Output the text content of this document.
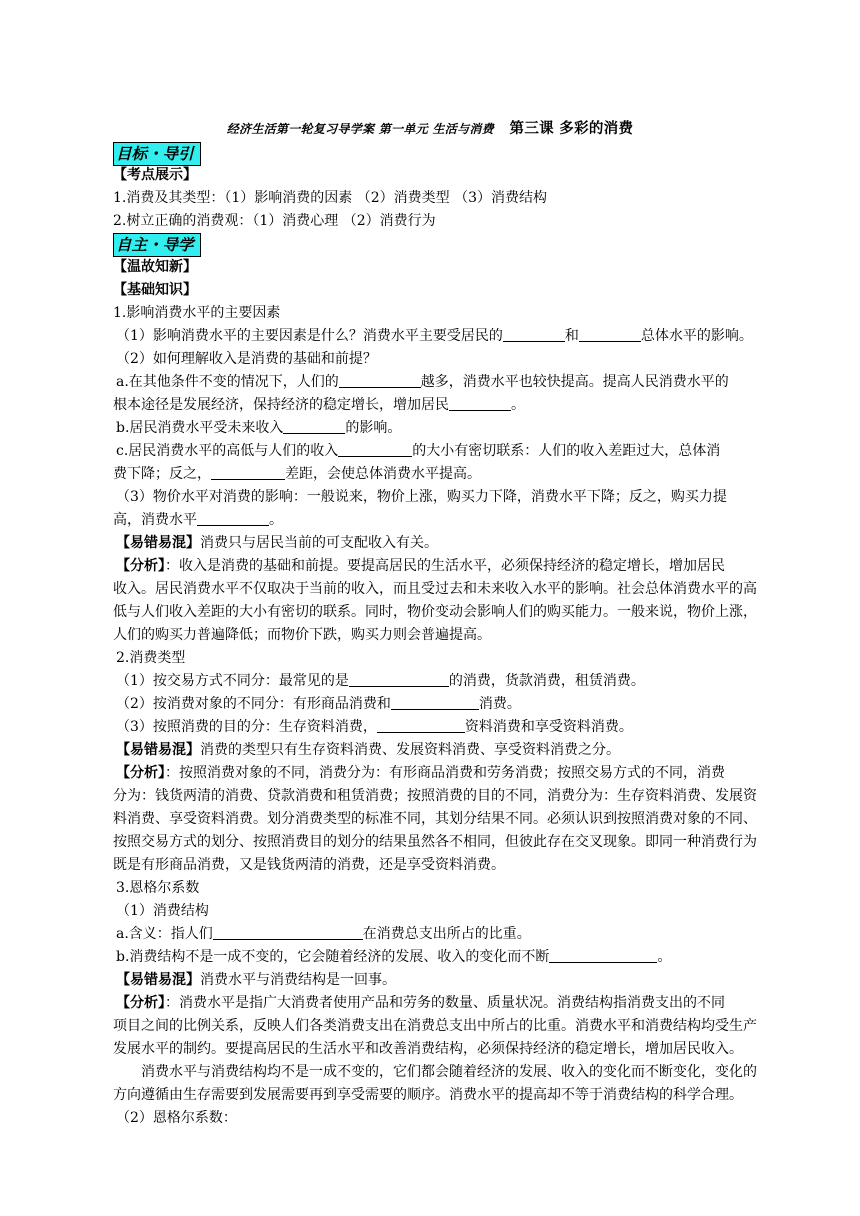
经济生活第一轮复习导学案 第一单元 生活与消费 第三课 多彩的消费
目标・导引
【考点展示】
1.消费及其类型：（1）影响消费的因素 （2）消费类型 （3）消费结构
2.树立正确的消费观：（1）消费心理 （2）消费行为
自主・导学
【温故知新】
【基础知识】
1.影响消费水平的主要因素
（1）影响消费水平的主要因素是什么？消费水平主要受居民的	和	总体水平的影响。
（2）如何理解收入是消费的基础和前提？
a.在其他条件不变的情况下，人们的	越多，消费水平也较快提高。提高人民消费水平的
根本途径是发展经济，保持经济的稳定增长，增加居民	。
b.居民消费水平受未来收入	的影响。
c.居民消费水平的高低与人们的收入	的大小有密切联系：人们的收入差距过大，总体消
费下降；反之，	差距，会使总体消费水平提高。
（3）物价水平对消费的影响：一般说来，物价上涨，购买力下降，消费水平下降；反之，购买力提
高，消费水平	。
【易错易混】消费只与居民当前的可支配收入有关。
【分析】：收入是消费的基础和前提。要提高居民的生活水平，必须保持经济的稳定增长，增加居民
收入。居民消费水平不仅取决于当前的收入，而且受过去和未来收入水平的影响。社会总体消费水平的高
低与人们收入差距的大小有密切的联系。同时，物价变动会影响人们的购买能力。一般来说，物价上涨，
人们的购买力普遍降低；而物价下跌，购买力则会普遍提高。
2.消费类型
（1）按交易方式不同分：最常见的是	的消费，货款消费，租赁消费。
（2）按消费对象的不同分：有形商品消费和	消费。
（3）按照消费的目的分：生存资料消费，	资料消费和享受资料消费。
【易错易混】消费的类型只有生存资料消费、发展资料消费、享受资料消费之分。
【分析】：按照消费对象的不同，消费分为：有形商品消费和劳务消费；按照交易方式的不同，消费
分为：钱货两清的消费、贷款消费和租赁消费；按照消费的目的不同，消费分为：生存资料消费、发展资
料消费、享受资料消费。划分消费类型的标准不同，其划分结果不同。必须认识到按照消费对象的不同、
按照交易方式的划分、按照消费目的划分的结果虽然各不相同，但彼此存在交叉现象。即同一种消费行为
既是有形商品消费，又是钱货两清的消费，还是享受资料消费。
3.恩格尔系数
（1）消费结构
a.含义：指人们	在消费总支出所占的比重。
b.消费结构不是一成不变的，它会随着经济的发展、收入的变化而不断	。
【易错易混】消费水平与消费结构是一回事。
【分析】：消费水平是指广大消费者使用产品和劳务的数量、质量状况。消费结构指消费支出的不同
项目之间的比例关系，反映人们各类消费支出在消费总支出中所占的比重。消费水平和消费结构均受生产
发展水平的制约。要提高居民的生活水平和改善消费结构，必须保持经济的稳定增长，增加居民收入。
消费水平与消费结构均不是一成不变的，它们都会随着经济的发展、收入的变化而不断变化，变化的
方向遵循由生存需要到发展需要再到享受需要的顺序。消费水平的提高却不等于消费结构的科学合理。
（2）恩格尔系数：
